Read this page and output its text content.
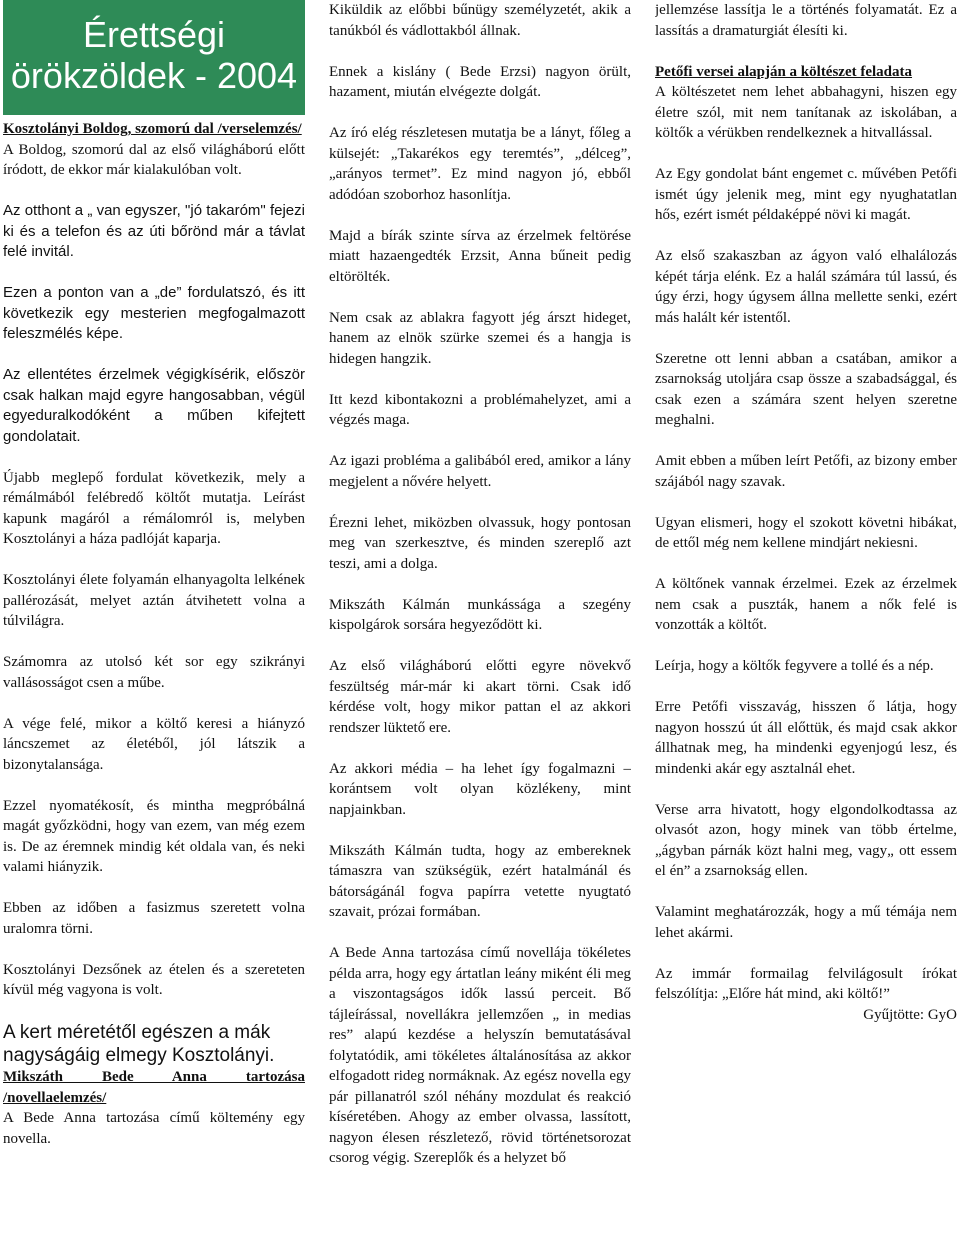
Érettségi örökzöldek - 2004

Kosztolányi Boldog, szomorú dal /verselemzés/

A Boldog, szomorú dal az első világháború előtt íródott, de ekkor már kialakulóban volt.

Az otthont a „ van egyszer, "jó takaróm" fejezi ki és a telefon és az úti bőrönd már a távlat felé invitál.

Ezen a ponton van a „de” fordulatszó, és itt következik egy mesterien megfogalmazott feleszmélés képe.

Az ellentétes érzelmek végigkísérik, először csak halkan majd egyre hangosabban, végül egyeduralkodóként a műben kifejtett gondolatait.

Újabb meglepő fordulat következik, mely a rémálmából felébredő költőt mutatja. Leírást kapunk magáról a rémálomról is, melyben Kosztolányi a háza padlóját kaparja.

Kosztolányi élete folyamán elhanyagolta lelkének pallérozását, melyet aztán átvihetett volna a túlvilágra.

Számomra az utolsó két sor egy szikrányi vallásosságot csen a műbe.

A vége felé, mikor a költő keresi a hiányzó láncszemet az életéből, jól látszik a bizonytalansága.

Ezzel nyomatékosít, és mintha megpróbálná magát győzködni, hogy van ezem, van még ezem is. De az éremnek mindig két oldala van, és neki valami hiányzik.

Ebben az időben a fasizmus szeretett volna uralomra törni.

Kosztolányi Dezsőnek az ételen és a szereteten kívül még vagyona is volt.

A kert méretétől egészen a mák nagyságáig elmegy Kosztolányi.

Mikszáth Bede Anna tartozása /novellaelemzés/

A Bede Anna tartozása című költemény egy novella.

Kiküldik az előbbi bűnügy személyzetét, akik a tanúkból és vádlottakból állnak.

Ennek a kislány ( Bede Erzsi) nagyon örült, hazament, miután elvégezte dolgát.

Az író elég részletesen mutatja be a lányt, főleg a külsejét: „Takarékos egy teremtés”, „délceg”, „arányos termet”. Ez mind nagyon jó, ebből adódóan szoborhoz hasonlítja.

Majd a bírák szinte sírva az érzelmek feltörése miatt hazaengedték Erzsit, Anna bűneit pedig eltörölték.

Nem csak az ablakra fagyott jég árszt hideget, hanem az elnök szürke szemei és a hangja is hidegen hangzik.

Itt kezd kibontakozni a problémahelyzet, ami a végzés maga.

Az igazi probléma a galibából ered, amikor a lány megjelent a nővére helyett.

Érezni lehet, miközben olvassuk, hogy pontosan meg van szerkesztve, és minden szereplő azt teszi, ami a dolga.

Mikszáth Kálmán munkássága a szegény kispolgárok sorsára hegyeződött ki.

Az első világháború előtti egyre növekvő feszültség már-már ki akart törni. Csak idő kérdése volt, hogy mikor pattan el az akkori rendszer lüktető ere.

Az akkori média – ha lehet így fogalmazni – korántsem volt olyan közlékeny, mint napjainkban.

Mikszáth Kálmán tudta, hogy az embereknek támaszra van szükségük, ezért hatalmánál és bátorságánál fogva papírra vetette nyugtató szavait, prózai formában.

A Bede Anna tartozása című novellája tökéletes példa arra, hogy egy ártatlan leány miként éli meg a viszontagságos idők lassú perceit. Bő tájleírással, novellákra jellemzően „ in medias res” alapú kezdése a helyszín bemutatásával folytatódik, ami tökéletes általánosítása az akkor elfogadott rideg normáknak. Az egész novella egy pár pillanatról szól néhány mozdulat és reakció kíséretében. Ahogy az ember olvassa, lassított, nagyon élesen részletező, rövid történetsorozat csorog végig. Szereplők és a helyzet bő

jellemzése lassítja le a történés folyamatát. Ez a lassítás a dramaturgiát élesíti ki.

Petőfi versei alapján a költészet feladata

A költészetet nem lehet abbahagyni, hiszen egy életre szól, mit nem tanítanak az iskolában, a költők a vérükben rendelkeznek a hitvallással.

Az Egy gondolat bánt engemet c. művében Petőfi ismét úgy jelenik meg, mint egy nyughatatlan hős, ezért ismét példaképpé növi ki magát.

Az első szakaszban az ágyon való elhalálozás képét tárja elénk. Ez a halál számára túl lassú, és úgy érzi, hogy úgysem állna mellette senki, ezért más halált kér istentől.

Szeretne ott lenni abban a csatában, amikor a zsarnokság utoljára csap össze a szabadsággal, és csak ezen a számára szent helyen szeretne meghalni.

Amit ebben a műben leírt Petőfi, az bizony ember szájából nagy szavak.

Ugyan elismeri, hogy el szokott követni hibákat, de ettől még nem kellene mindjárt nekiesni.

A költőnek vannak érzelmei. Ezek az érzelmek nem csak a puszták, hanem a nők felé is vonzották a költőt.

Leírja, hogy a költők fegyvere a tollé és a nép.

Erre Petőfi visszavág, hisszen ő látja, hogy nagyon hosszú út áll előttük, és majd csak akkor állhatnak meg, ha mindenki egyenjogú lesz, és mindenki akár egy asztalnál ehet.

Verse arra hivatott, hogy elgondolkodtassa az olvasót azon, hogy minek van több értelme, „ágyban párnák közt halni meg, vagy„ ott essem el én” a zsarnokság ellen.

Valamint meghatározzák, hogy a mű témája nem lehet akármi.

Az immár formailag felvilágosult írókat felszólítja: „Előre hát mind, aki költő!”

Gyűjtötte: GyO
